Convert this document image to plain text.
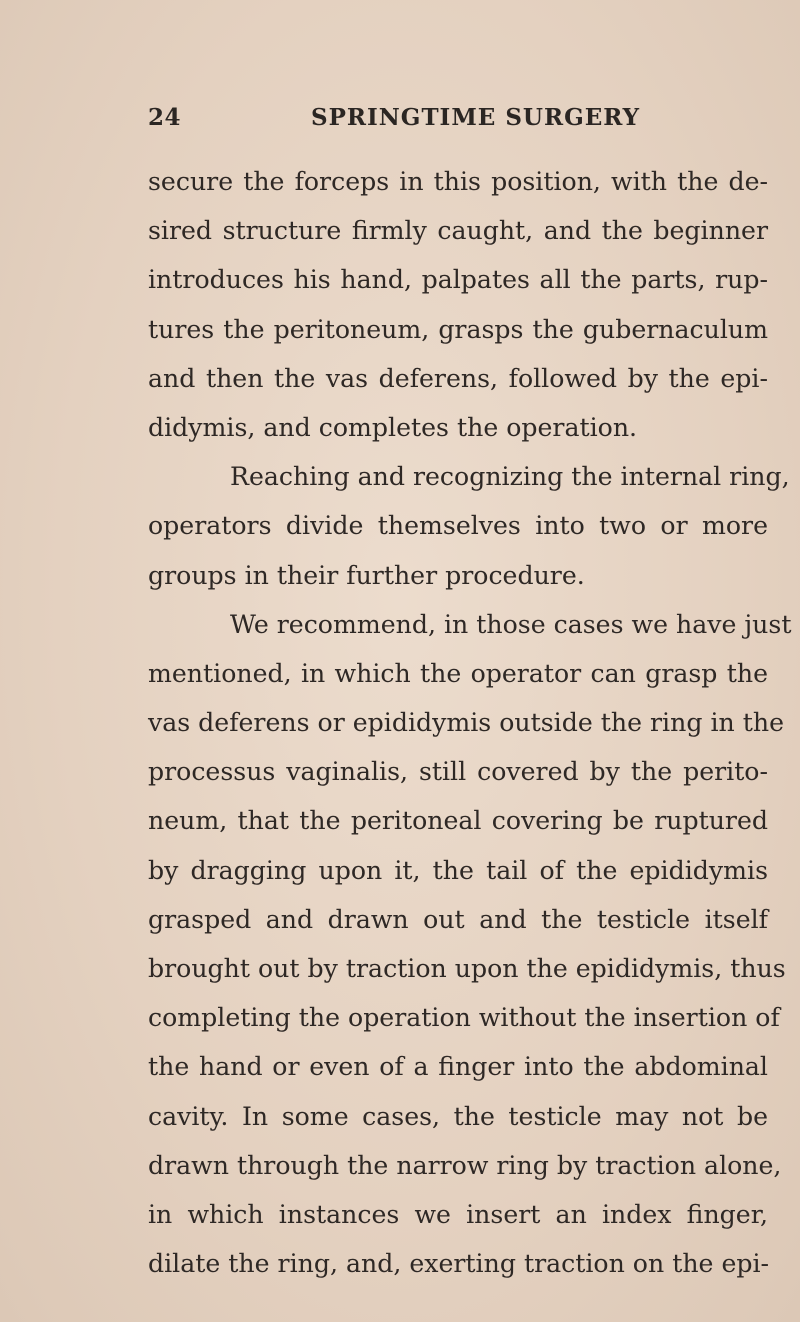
24	SPRINGTIME SURGERY
secure the forceps in this position, with the de-
sired structure firmly caught, and the beginner
introduces his hand, palpates all the parts, rup-
tures the peritoneum, grasps the gubernaculum
and then the vas deferens, followed by the epi-
didymis, and completes the operation.
Reaching and recognizing the internal ring,
operators divide themselves into two or more
groups in their further procedure.
We recommend, in those cases we have just
mentioned, in which the operator can grasp the
vas deferens or epididymis outside the ring in the
processus vaginalis, still covered by the perito-
neum, that the peritoneal covering be ruptured
by dragging upon it, the tail of the epididymis
grasped and drawn out and the testicle itself
brought out by traction upon the epididymis, thus
completing the operation without the insertion of
the hand or even of a finger into the abdominal
cavity. In some cases, the testicle may not be
drawn through the narrow ring by traction alone,
in which instances we insert an index finger,
dilate the ring, and, exerting traction on the epi-
